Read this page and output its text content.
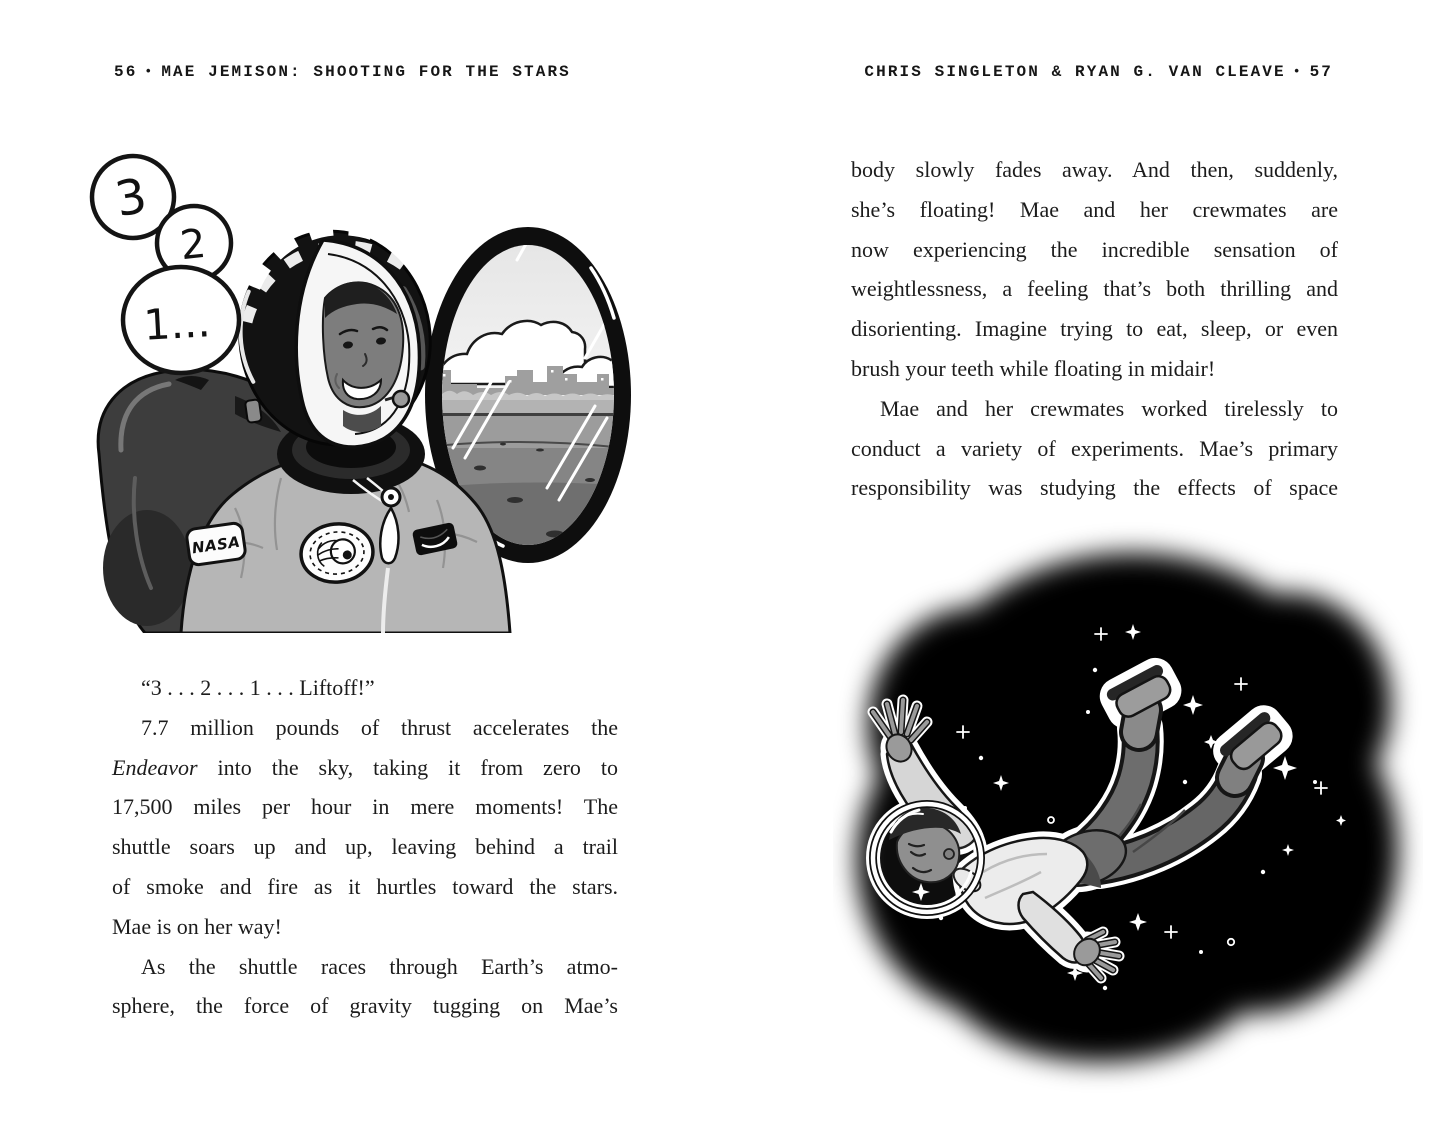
56 • MAE JEMISON: SHOOTING FOR THE STARS	CHRIS SINGLETON & RYAN G. VAN CLEAVE • 57
NASA
3
2
1...
“3 . . . 2 . . . 1 . . . Liftoff!”
7.7 million pounds of thrust accelerates the
Endeavor into the sky, taking it from zero to
17,500 miles per hour in mere moments! The
shuttle soars up and up, leaving behind a trail
of smoke and fire as it hurtles toward the stars.
Mae is on her way!
As the shuttle races through Earth’s atmo-
sphere, the force of gravity tugging on Mae’s
body slowly fades away. And then, suddenly,
she’s floating! Mae and her crewmates are
now experiencing the incredible sensation of
weightlessness, a feeling that’s both thrilling and
disorienting. Imagine trying to eat, sleep, or even
brush your teeth while floating in midair!
Mae and her crewmates worked tirelessly to
conduct a variety of experiments. Mae’s primary
responsibility was studying the effects of space
